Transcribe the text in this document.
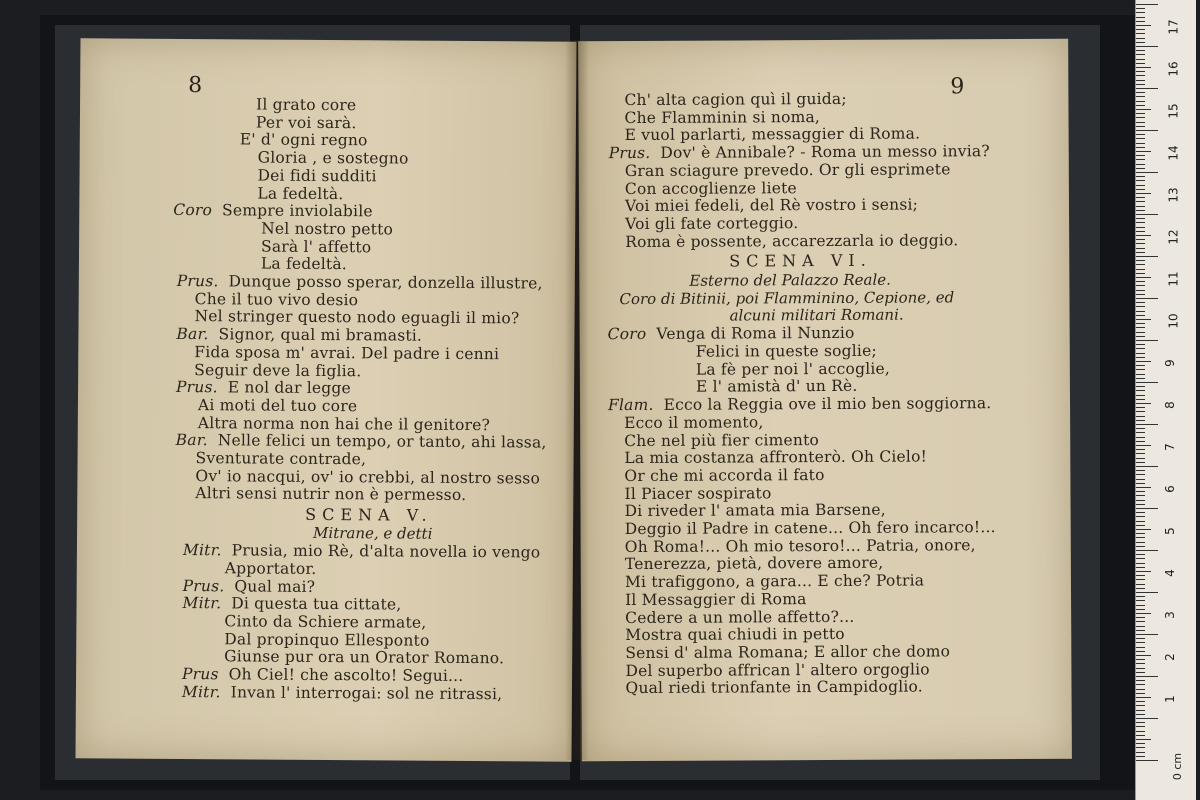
8
Il grato core
Per voi sarà.
E' d' ogni regno
Gloria , e sostegno
Dei fidi sudditi
La fedeltà.
Coro Sempre inviolabile
Nel nostro petto
Sarà l' affetto
La fedeltà.
Prus. Dunque posso sperar, donzella illustre,
Che il tuo vivo desio
Nel stringer questo nodo eguagli il mio?
Bar. Signor, qual mi bramasti.
Fida sposa m' avrai. Del padre i cenni
Seguir deve la figlia.
Prus. E nol dar legge
Ai moti del tuo core
Altra norma non hai che il genitore?
Bar. Nelle felici un tempo, or tanto, ahi lassa,
Sventurate contrade,
Ov' io nacqui, ov' io crebbi, al nostro sesso
Altri sensi nutrir non è permesso.
SCENA V.
Mitrane, e detti
Mitr. Prusia, mio Rè, d'alta novella io vengo
Apportator.
Prus. Qual mai?
Mitr. Di questa tua cittate,
Cinto da Schiere armate,
Dal propinquo Ellesponto
Giunse pur ora un Orator Romano.
Prus Oh Ciel! che ascolto! Segui...
Mitr. Invan l' interrogai: sol ne ritrassi,
9
Ch' alta cagion quì il guida;
Che Flamminin si noma,
E vuol parlarti, messaggier di Roma.
Prus. Dov' è Annibale? - Roma un messo invia?
Gran sciagure prevedo. Or gli esprimete
Con accoglienze liete
Voi miei fedeli, del Rè vostro i sensi;
Voi gli fate corteggio.
Roma è possente, accarezzarla io deggio.
SCENA VI.
Esterno del Palazzo Reale.
Coro di Bitinii, poi Flamminino, Cepione, ed
alcuni militari Romani.
Coro Venga di Roma il Nunzio
Felici in queste soglie;
La fè per noi l' accoglie,
E l' amistà d' un Rè.
Flam. Ecco la Reggia ove il mio ben soggiorna.
Ecco il momento,
Che nel più fier cimento
La mia costanza affronterò. Oh Cielo!
Or che mi accorda il fato
Il Piacer sospirato
Di riveder l' amata mia Barsene,
Deggio il Padre in catene... Oh fero incarco!...
Oh Roma!... Oh mio tesoro!... Patria, onore,
Tenerezza, pietà, dovere amore,
Mi trafiggono, a gara... E che? Potria
Il Messaggier di Roma
Cedere a un molle affetto?...
Mostra quai chiudi in petto
Sensi d' alma Romana; E allor che domo
Del superbo affrican l' altero orgoglio
Qual riedi trionfante in Campidoglio.
0 cm
17
16
15
14
13
12
11
10
9
8
7
6
5
4
3
2
1
